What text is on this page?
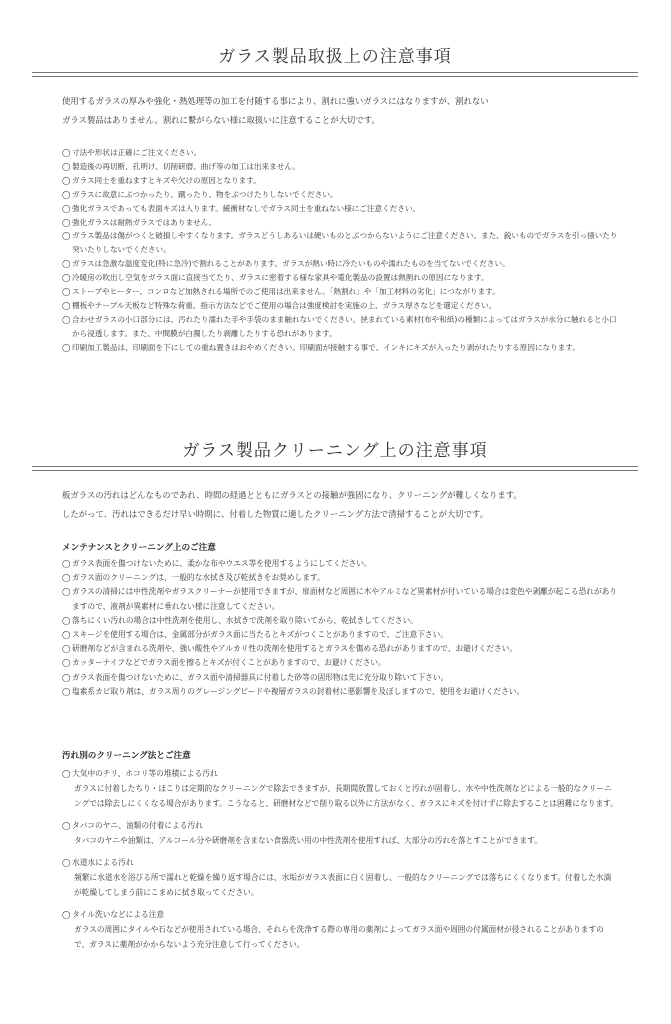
ガラス製品取扱上の注意事項
使用するガラスの厚みや強化・熱処理等の加工を付随する事により、割れに強いガラスにはなりますが、割れない
ガラス製品はありません。割れに繋がらない様に取扱いに注意することが大切です。
◯ 寸法や形状は正確にご注文ください。
◯ 製造後の再切断、孔明け、切削研磨、曲げ等の加工は出来ません。
◯ ガラス同士を重ねますとキズや欠けの原因となります。
◯ ガラスに故意にぶつかったり、蹴ったり、物をぶつけたりしないでください。
◯ 強化ガラスであっても表面キズは入ります。緩衝材なしでガラス同士を重ねない様にご注意ください。
◯ 強化ガラスは耐熱ガラスではありません。
◯ ガラス製品は傷がつくと破損しやすくなります。ガラスどうしあるいは硬いものとぶつからないようにご注意ください。また、鋭いものでガラスを引っ掻いたり突いたりしないでください。
◯ ガラスは急激な温度変化(特に急冷)で割れることがあります。ガラスが熱い時に冷たいものや濡れたものを当てないでください。
◯ 冷暖房の吹出し空気をガラス面に直接当てたり、ガラスに密着する様な家具や電化製品の設置は熱割れの原因になります。
◯ ストーブやヒーター、コンロなど加熱される場所でのご使用は出来ません。「熱割れ」や「加工材料の劣化」につながります。
◯ 棚板やテーブル天板など特殊な荷重、指示方法などでご使用の場合は強度検討を実施の上、ガラス厚さなどを選定ください。
◯ 合わせガラスの小口部分には、汚れたり濡れた手や手袋のまま触れないでください。挟まれている素材(布や和紙)の種類によってはガラスが水分に触れると小口から浸透します。また、中間膜が白濁したり剥離したりする恐れがあります。
◯ 印刷加工製品は、印刷面を下にしての重ね置きはおやめください。印刷面が接触する事で、インキにキズが入ったり剥がれたりする原因になります。
ガラス製品クリーニング上の注意事項
板ガラスの汚れはどんなものであれ、時間の経過とともにガラスとの接触が強固になり、クリーニングが難しくなります。
したがって、汚れはできるだけ早い時期に、付着した物質に適したクリーニング方法で清掃することが大切です。
メンテナンスとクリーニング上のご注意
◯ ガラス表面を傷つけないために、柔かな布やウエス等を使用するようにしてください。
◯ ガラス面のクリーニングは、一般的な水拭き及び乾拭きをお奨めします。
◯ ガラスの清掃には中性洗剤やガラスクリーナーが使用できますが、扉面材など周囲に木やアルミなど異素材が付いている場合は変色や剥離が起こる恐れがありますので、液剤が異素材に垂れない様に注意してください。
◯ 落ちにくい汚れの場合は中性洗剤を使用し、水拭きで洗剤を取り除いてから、乾拭きしてください。
◯ スキージを使用する場合は、金属部分がガラス面に当たるとキズがつくことがありますので、ご注意下さい。
◯ 研磨剤などが含まれる洗剤や、強い酸性やアルカリ性の洗剤を使用するとガラスを傷める恐れがありますので、お避けください。
◯ カッターナイフなどでガラス面を擦るとキズが付くことがありますので、お避けください。
◯ ガラス表面を傷つけないために、ガラス面や清掃器具に付着した砂等の固形物は先に充分取り除いて下さい。
◯ 塩素系カビ取り剤は、ガラス周りのグレージングビードや複層ガラスの封着材に悪影響を及ぼしますので、使用をお避けください。
汚れ別のクリーニング法とご注意
◯ 大気中のチリ、ホコリ等の堆積による汚れ
ガラスに付着したちり・ほこりは定期的なクリーニングで除去できますが、長期間放置しておくと汚れが固着し、水や中性洗剤などによる一般的なクリーニングでは除去しにくくなる場合があります。こうなると、研磨材などで削り取る以外に方法がなく、ガラスにキズを付けずに除去することは困難になります。
◯ タバコのヤニ、油類の付着による汚れ
タバコのヤニや油類は、アルコール分や研磨剤を含まない食器洗い用の中性洗剤を使用すれば、大部分の汚れを落とすことができます。
◯ 水道水による汚れ
頻繁に水道水を浴びる所で濡れと乾燥を繰り返す場合には、水垢がガラス表面に白く固着し、一般的なクリーニングでは落ちにくくなります。付着した水滴が乾燥してしまう前にこまめに拭き取ってください。
◯ タイル洗いなどによる注意
ガラスの周囲にタイルや石などが使用されている場合、それらを洗浄する際の専用の薬剤によってガラス面や周囲の付属面材が侵されることがありますので、ガラスに薬剤がかからないよう充分注意して行ってください。
